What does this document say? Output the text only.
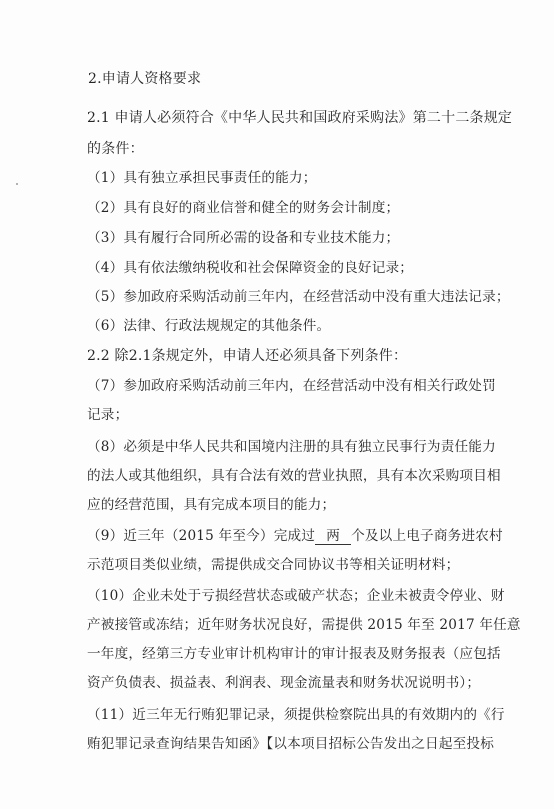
2.申请人资格要求
2.1 申请人必须符合《中华人民共和国政府采购法》第二十二条规定
的条件：
（1）具有独立承担民事责任的能力；
（2）具有良好的商业信誉和健全的财务会计制度；
（3）具有履行合同所必需的设备和专业技术能力；
（4）具有依法缴纳税收和社会保障资金的良好记录；
（5）参加政府采购活动前三年内，在经营活动中没有重大违法记录；
（6）法律、行政法规规定的其他条件。
2.2 除2.1条规定外，申请人还必须具备下列条件：
（7）参加政府采购活动前三年内，在经营活动中没有相关行政处罚
记录；
（8）必须是中华人民共和国境内注册的具有独立民事行为责任能力
的法人或其他组织，具有合法有效的营业执照，具有本次采购项目相
应的经营范围，具有完成本项目的能力；
（9）近三年（2015 年至今）完成过 两 个及以上电子商务进农村
示范项目类似业绩，需提供成交合同协议书等相关证明材料；
（10）企业未处于亏损经营状态或破产状态；企业未被责令停业、财
产被接管或冻结；近年财务状况良好，需提供 2015 年至 2017 年任意
一年度，经第三方专业审计机构审计的审计报表及财务报表（应包括
资产负债表、损益表、利润表、现金流量表和财务状况说明书）；
（11）近三年无行贿犯罪记录，须提供检察院出具的有效期内的《行
贿犯罪记录查询结果告知函》【以本项目招标公告发出之日起至投标
